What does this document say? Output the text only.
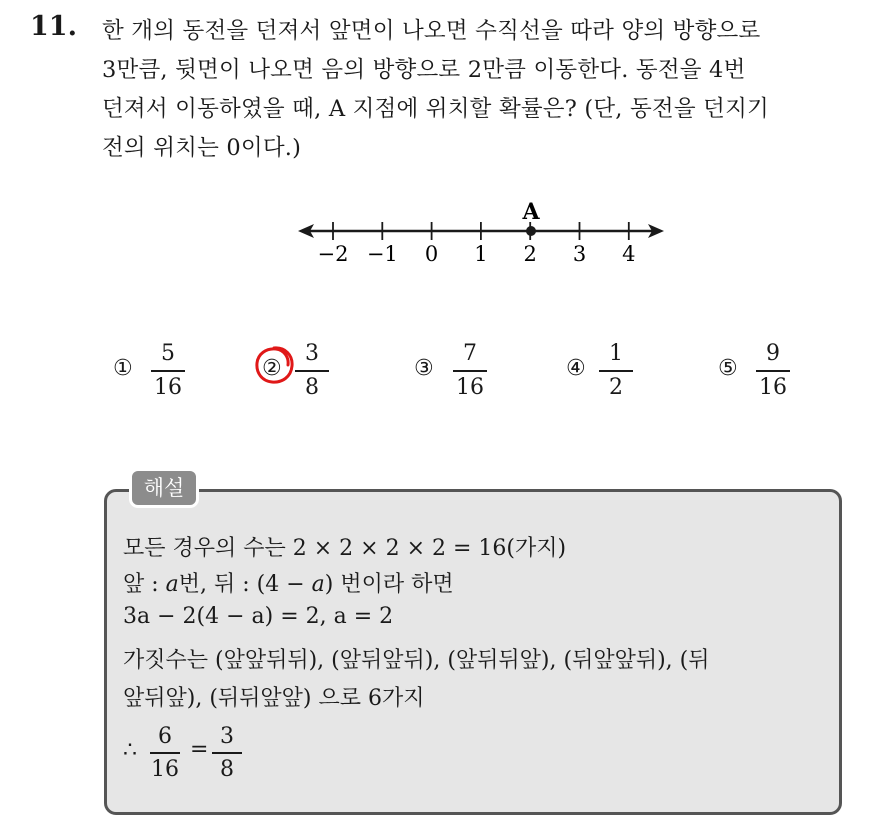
11. 한 개의 동전을 던져서 앞면이 나오면 수직선을 따라 양의 방향으로
3만큼, 뒷면이 나오면 음의 방향으로 2만큼 이동한다. 동전을 4번
던져서 이동하였을 때, A 지점에 위치할 확률은? (단, 동전을 던지기
전의 위치는 0이다.)
−2 −1 0 1 2 3 4
A
①
5
16
②
3
8
③
7
16
④
1
2
⑤
9
16
해설
모든 경우의 수는 2 × 2 × 2 × 2 = 16(가지)
앞 : a번, 뒤 : (4 − a) 번이라 하면
3a − 2(4 − a) = 2, a = 2
가짓수는 (앞앞뒤뒤), (앞뒤앞뒤), (앞뒤뒤앞), (뒤앞앞뒤), (뒤
앞뒤앞), (뒤뒤앞앞) 으로 6가지
∴
6
16
=
3
8
